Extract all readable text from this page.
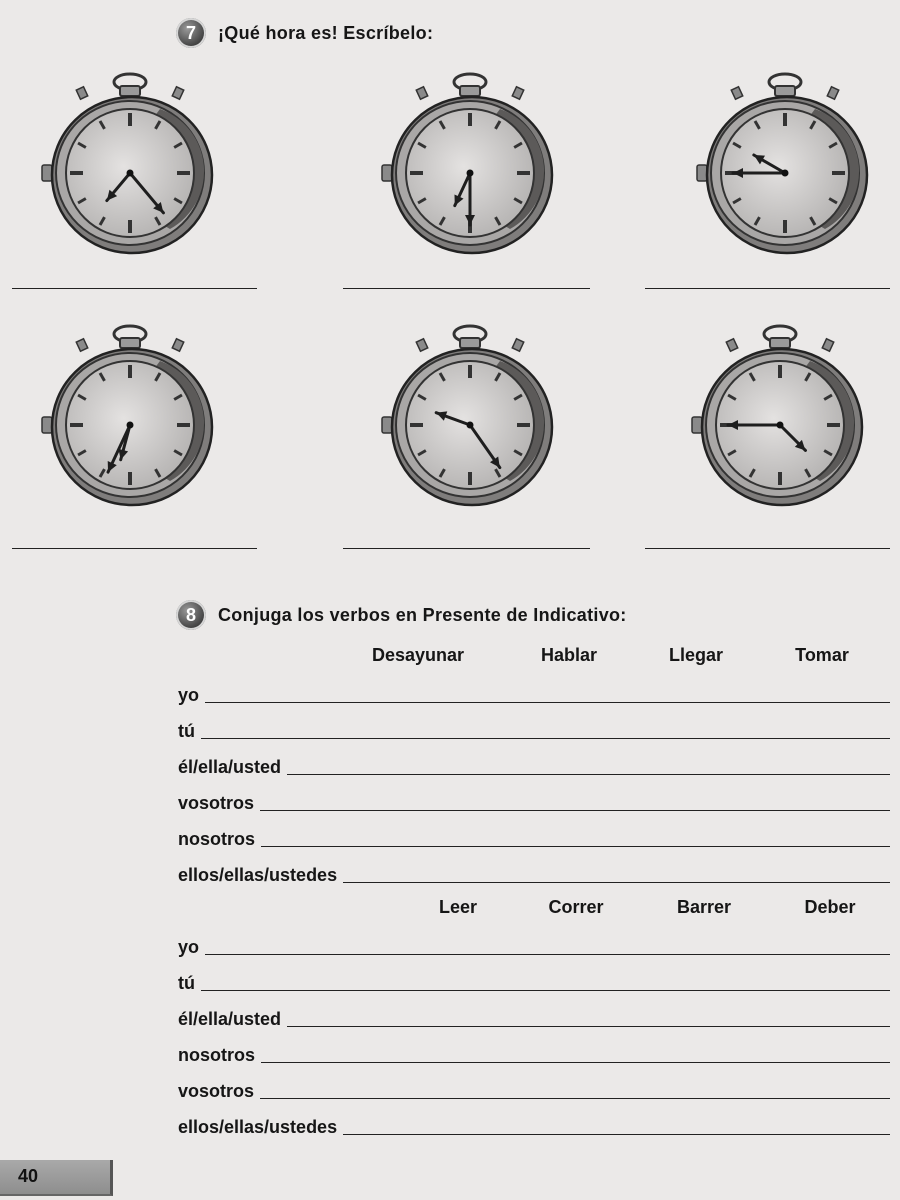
7	¡Qué hora es! Escríbelo:
8	Conjuga los verbos en Presente de Indicativo:
Desayunar	Hablar	Llegar	Tomar
yo
tú
él/ella/usted
vosotros
nosotros
ellos/ellas/ustedes
Leer	Correr	Barrer	Deber
yo
tú
él/ella/usted
nosotros
vosotros
ellos/ellas/ustedes
40
